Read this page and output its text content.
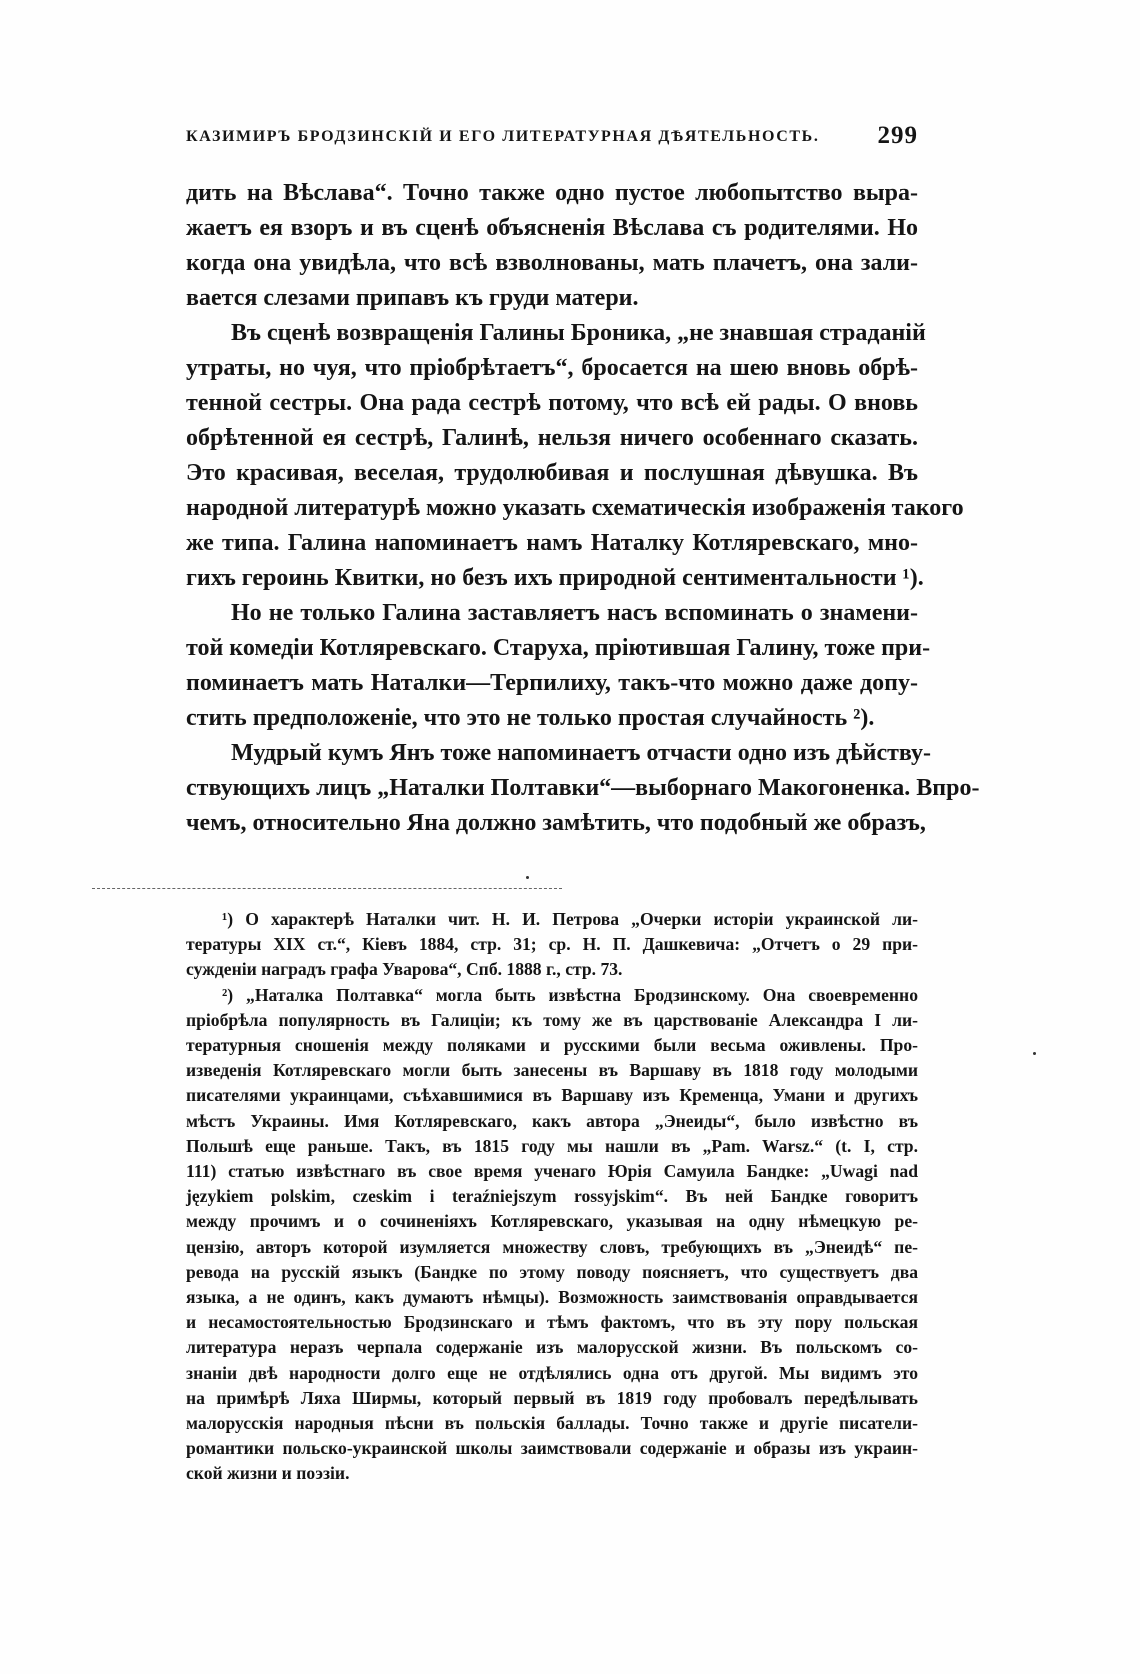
КАЗИМИРЪ БРОДЗИНСКІЙ И ЕГО ЛИТЕРАТУРНАЯ ДѢЯТЕЛЬНОСТЬ. 299

дить на Вѣслава“. Точно также одно пустое любопытство выра-
жаетъ ея взоръ и въ сценѣ объясненія Вѣслава съ родителями. Но
когда она увидѣла, что всѣ взволнованы, мать плачетъ, она зали-
вается слезами припавъ къ груди матери.

Въ сценѣ возвращенія Галины Броника, „не знавшая страданій
утраты, но чуя, что пріобрѣтаетъ“, бросается на шею вновь обрѣ-
тенной сестры. Она рада сестрѣ потому, что всѣ ей рады. О вновь
обрѣтенной ея сестрѣ, Галинѣ, нельзя ничего особеннаго сказать.
Это красивая, веселая, трудолюбивая и послушная дѣвушка. Въ
народной литературѣ можно указать схематическія изображенія такого
же типа. Галина напоминаетъ намъ Наталку Котляревскаго, мно-
гихъ героинь Квитки, но безъ ихъ природной сентиментальности ¹).

Но не только Галина заставляетъ насъ вспоминать о знамени-
той комедіи Котляревскаго. Старуха, пріютившая Галину, тоже при-
поминаетъ мать Наталки—Терпилиху, такъ-что можно даже допу-
стить предположеніе, что это не только простая случайность ²).

Мудрый кумъ Янъ тоже напоминаетъ отчасти одно изъ дѣйству-
ствующихъ лицъ „Наталки Полтавки“—выборнаго Макогоненка. Впро-
чемъ, относительно Яна должно замѣтить, что подобный же образъ,

¹) О характерѣ Наталки чит. Н. И. Петрова „Очерки исторіи украинской ли-
тературы XIX ст.“, Кіевъ 1884, стр. 31; ср. Н. П. Дашкевича: „Отчетъ о 29 при-
сужденіи наградъ графа Уварова“, Спб. 1888 г., стр. 73.
²) „Наталка Полтавка“ могла быть извѣстна Бродзинскому. Она своевременно
пріобрѣла популярность въ Галиціи; къ тому же въ царствованіе Александра I ли-
тературныя сношенія между поляками и русскими были весьма оживлены. Про-
изведенія Котляревскаго могли быть занесены въ Варшаву въ 1818 году молодыми
писателями украинцами, съѣхавшимися въ Варшаву изъ Кременца, Умани и другихъ
мѣстъ Украины. Имя Котляревскаго, какъ автора „Энеиды“, было извѣстно въ
Польшѣ еще раньше. Такъ, въ 1815 году мы нашли въ „Pam. Warsz.“ (t. I, стр.
111) статью извѣстнаго въ свое время ученаго Юрія Самуила Бандке: „Uwagi nad
językiem polskim, czeskim i teraźniejszym rossyjskim“. Въ ней Бандке говоритъ
между прочимъ и о сочиненіяхъ Котляревскаго, указывая на одну нѣмецкую ре-
цензію, авторъ которой изумляется множеству словъ, требующихъ въ „Энеидѣ“ пе-
ревода на русскій языкъ (Бандке по этому поводу поясняетъ, что существуетъ два
языка, а не одинъ, какъ думаютъ нѣмцы). Возможность заимствованія оправдывается
и несамостоятельностью Бродзинскаго и тѣмъ фактомъ, что въ эту пору польская
литература неразъ черпала содержаніе изъ малорусской жизни. Въ польскомъ со-
знаніи двѣ народности долго еще не отдѣлялись одна отъ другой. Мы видимъ это
на примѣрѣ Ляха Ширмы, который первый въ 1819 году пробовалъ передѣлывать
малорусскія народныя пѣсни въ польскія баллады. Точно также и другіе писатели-
романтики польско-украинской школы заимствовали содержаніе и образы изъ украин-
ской жизни и поэзіи.
